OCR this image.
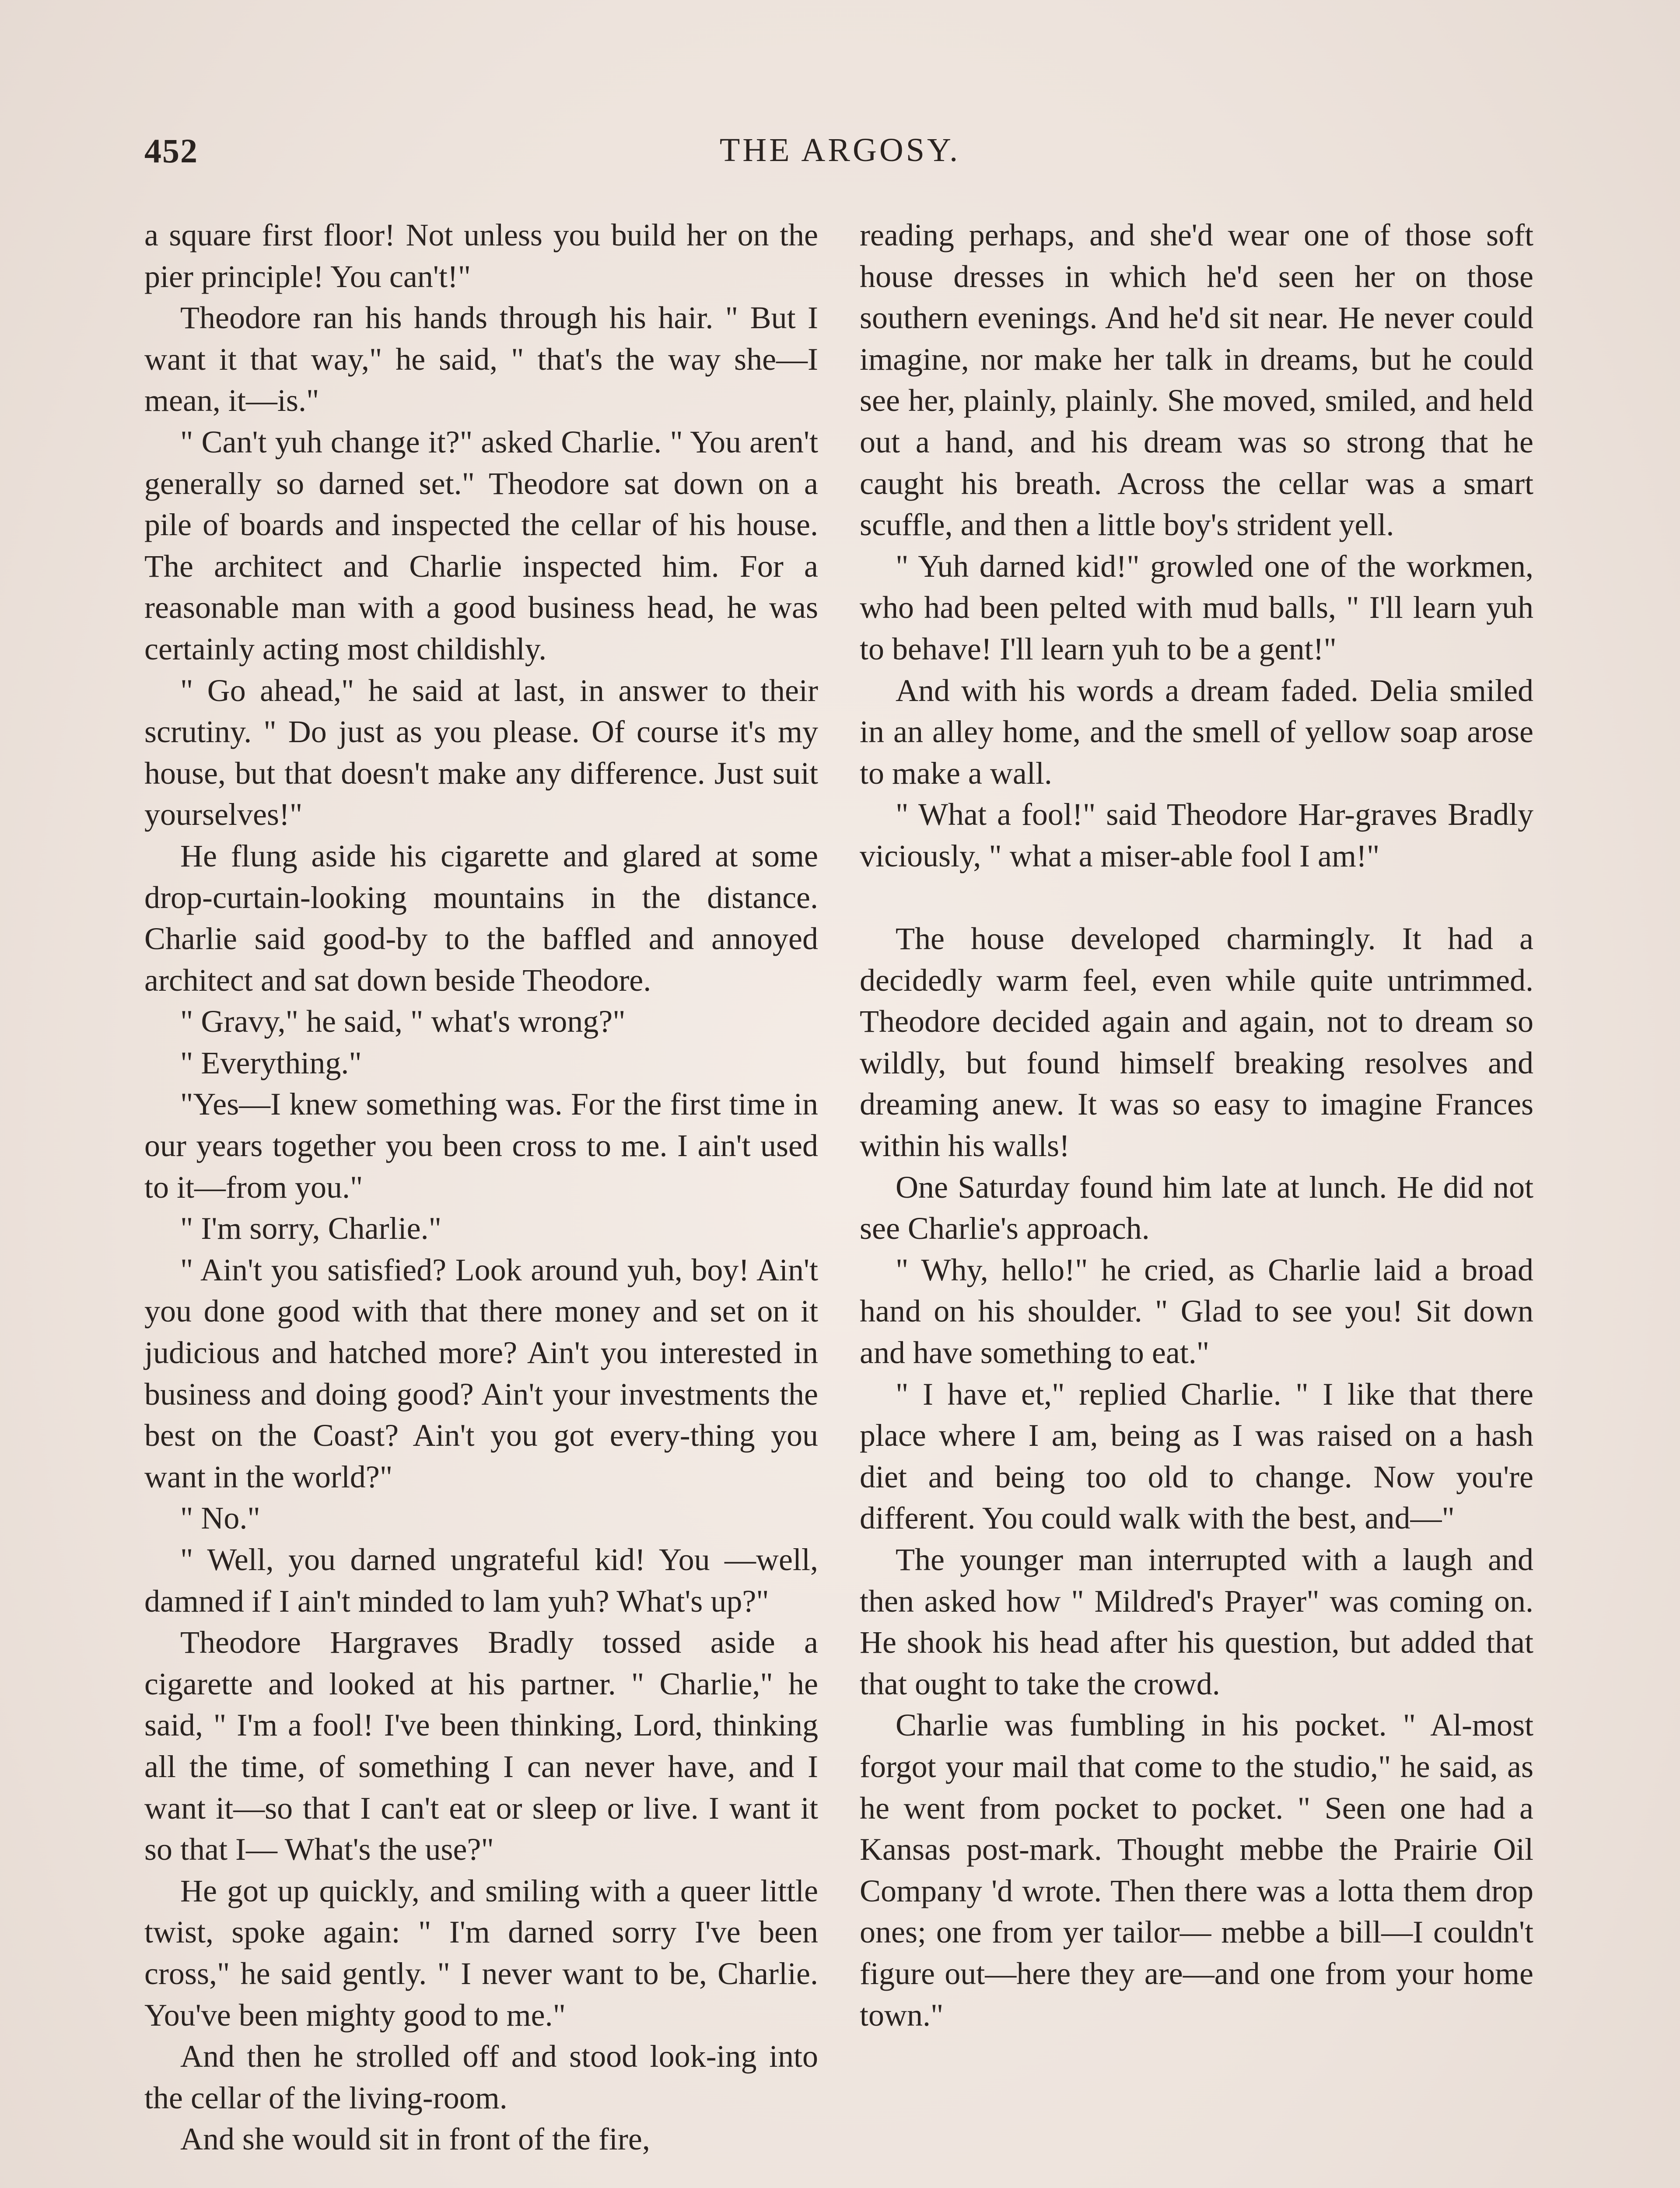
452	THE ARGOSY.

a square first floor! Not unless you build her on the pier principle! You can't!"

Theodore ran his hands through his hair. " But I want it that way," he said, " that's the way she—I mean, it—is."

" Can't yuh change it?" asked Charlie. " You aren't generally so darned set." Theodore sat down on a pile of boards and inspected the cellar of his house. The architect and Charlie inspected him. For a reasonable man with a good business head, he was certainly acting most childishly.

" Go ahead," he said at last, in answer to their scrutiny. " Do just as you please. Of course it's my house, but that doesn't make any difference. Just suit yourselves!"

He flung aside his cigarette and glared at some drop-curtain-looking mountains in the distance. Charlie said good-by to the baffled and annoyed architect and sat down beside Theodore.

" Gravy," he said, " what's wrong?"

" Everything."

"Yes—I knew something was. For the first time in our years together you been cross to me. I ain't used to it—from you."

" I'm sorry, Charlie."

" Ain't you satisfied? Look around yuh, boy! Ain't you done good with that there money and set on it judicious and hatched more? Ain't you interested in business and doing good? Ain't your investments the best on the Coast? Ain't you got every-thing you want in the world?"

" No."

" Well, you darned ungrateful kid! You —well, damned if I ain't minded to lam yuh? What's up?"

Theodore Hargraves Bradly tossed aside a cigarette and looked at his partner. " Charlie," he said, " I'm a fool! I've been thinking, Lord, thinking all the time, of something I can never have, and I want it—so that I can't eat or sleep or live. I want it so that I— What's the use?"

He got up quickly, and smiling with a queer little twist, spoke again: " I'm darned sorry I've been cross," he said gently. " I never want to be, Charlie. You've been mighty good to me."

And then he strolled off and stood look-ing into the cellar of the living-room.

And she would sit in front of the fire,

reading perhaps, and she'd wear one of those soft house dresses in which he'd seen her on those southern evenings. And he'd sit near. He never could imagine, nor make her talk in dreams, but he could see her, plainly, plainly. She moved, smiled, and held out a hand, and his dream was so strong that he caught his breath. Across the cellar was a smart scuffle, and then a little boy's strident yell.

" Yuh darned kid!" growled one of the workmen, who had been pelted with mud balls, " I'll learn yuh to behave! I'll learn yuh to be a gent!"

And with his words a dream faded. Delia smiled in an alley home, and the smell of yellow soap arose to make a wall.

" What a fool!" said Theodore Har-graves Bradly viciously, " what a miser-able fool I am!"

The house developed charmingly. It had a decidedly warm feel, even while quite untrimmed. Theodore decided again and again, not to dream so wildly, but found himself breaking resolves and dreaming anew. It was so easy to imagine Frances within his walls!

One Saturday found him late at lunch. He did not see Charlie's approach.

" Why, hello!" he cried, as Charlie laid a broad hand on his shoulder. " Glad to see you! Sit down and have something to eat."

" I have et," replied Charlie. " I like that there place where I am, being as I was raised on a hash diet and being too old to change. Now you're different. You could walk with the best, and—"

The younger man interrupted with a laugh and then asked how " Mildred's Prayer" was coming on. He shook his head after his question, but added that that ought to take the crowd.

Charlie was fumbling in his pocket. " Al-most forgot your mail that come to the studio," he said, as he went from pocket to pocket. " Seen one had a Kansas post-mark. Thought mebbe the Prairie Oil Company 'd wrote. Then there was a lotta them drop ones; one from yer tailor— mebbe a bill—I couldn't figure out—here they are—and one from your home town."
